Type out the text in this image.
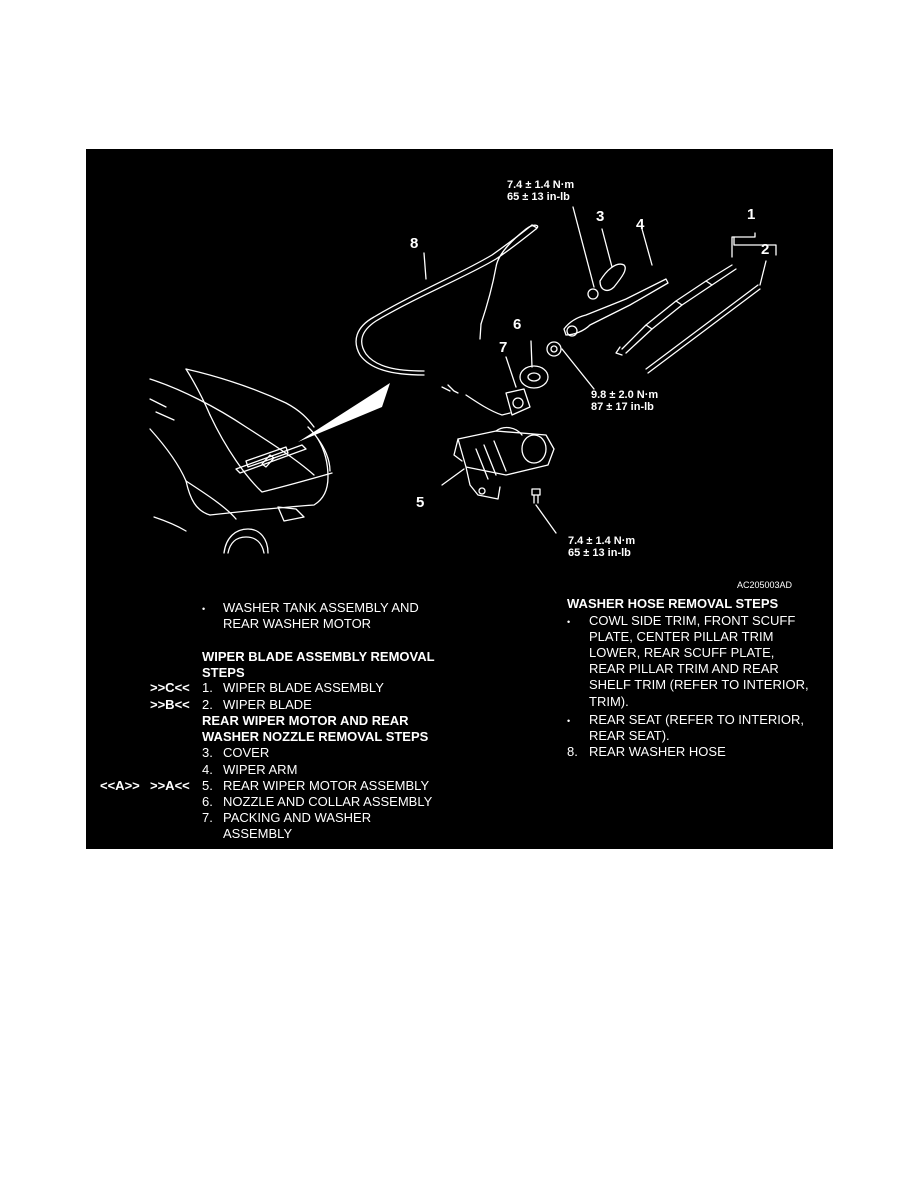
7.4 ± 1.4 N·m
65 ± 13 in-lb
9.8 ± 2.0 N·m
87 ± 17 in-lb
7.4 ± 1.4 N·m
65 ± 13 in-lb
1
2
3 4
5
6
7
8
AC205003AD
• WASHER TANK ASSEMBLY AND
REAR WASHER MOTOR
WIPER BLADE ASSEMBLY REMOVAL
STEPS
>>C<< 1. WIPER BLADE ASSEMBLY
>>B<< 2. WIPER BLADE
REAR WIPER MOTOR AND REAR
WASHER NOZZLE REMOVAL STEPS
3. COVER
4. WIPER ARM
<<A>> >>A<< 5. REAR WIPER MOTOR ASSEMBLY
6. NOZZLE AND COLLAR ASSEMBLY
7. PACKING AND WASHER
ASSEMBLY
WASHER HOSE REMOVAL STEPS
• COWL SIDE TRIM, FRONT SCUFF
PLATE, CENTER PILLAR TRIM
LOWER, REAR SCUFF PLATE,
REAR PILLAR TRIM AND REAR
SHELF TRIM (REFER TO INTERIOR,
TRIM).
• REAR SEAT (REFER TO INTERIOR,
REAR SEAT).
8. REAR WASHER HOSE
